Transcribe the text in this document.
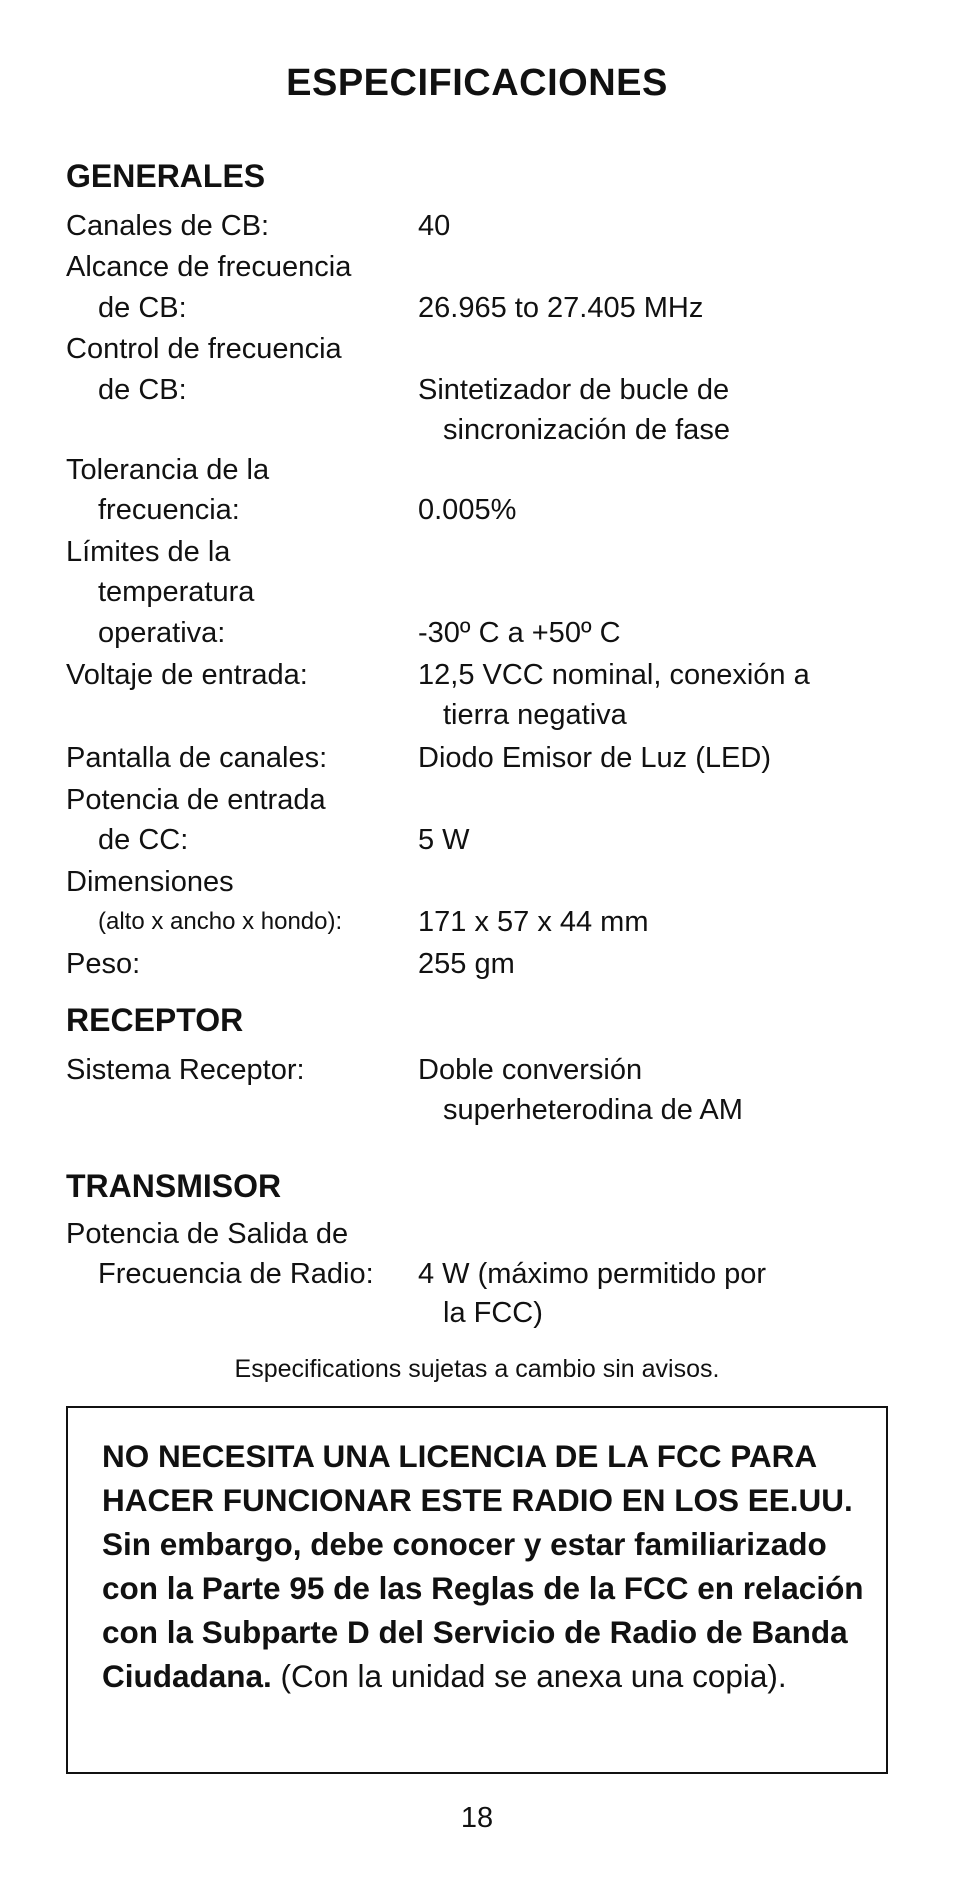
ESPECIFICACIONES
GENERALES
Canales de CB:	40
Alcance de frecuencia
de CB:	26.965 to 27.405 MHz
Control de frecuencia
de CB:	Sintetizador de bucle de
sincronización de fase
Tolerancia de la
frecuencia:	0.005%
Límites de la
temperatura
operativa:	-30º C a +50º C
Voltaje de entrada:	12,5 VCC nominal, conexión a
tierra negativa
Pantalla de canales:	Diodo Emisor de Luz (LED)
Potencia de entrada
de CC:	5 W
Dimensiones
(alto x ancho x hondo):	171 x 57 x 44 mm
Peso:	255 gm
RECEPTOR
Sistema Receptor:	Doble conversión
superheterodina de AM
TRANSMISOR
Potencia de Salida de
Frecuencia de Radio: 4 W (máximo permitido por
la FCC)
Especifications sujetas a cambio sin avisos.

NO NECESITA UNA LICENCIA DE LA FCC PARA HACER FUNCIONAR ESTE RADIO EN LOS EE.UU. Sin embargo, debe conocer y estar familiarizado con la Parte 95 de las Reglas de la FCC en relación con la Subparte D del Servicio de Radio de Banda Ciudadana. (Con la unidad se anexa una copia).

18
